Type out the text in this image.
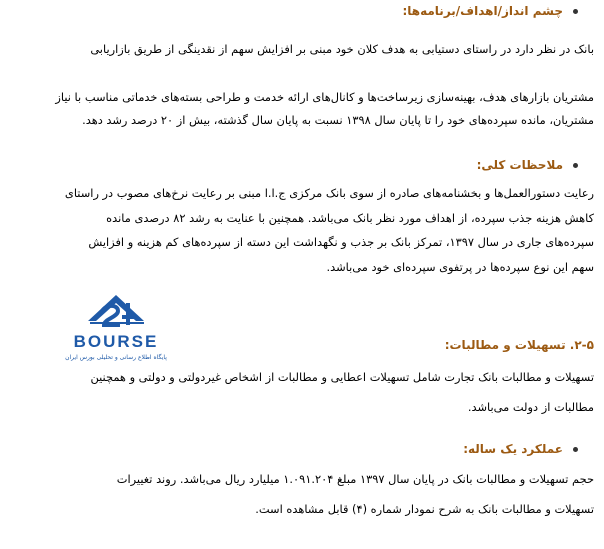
چشم انداز/اهداف/برنامه‌ها:
بانک در نظر دارد در راستای دستیابی به هدف کلان خود مبنی بر افزایش سهم از نقدینگی از طریق بازاریابی
مشتریان بازارهای هدف، بهینه‌سازی زیرساخت‌ها و کانال‌های ارائه خدمت و طراحی بسته‌های خدماتی مناسب با نیاز
مشتریان، مانده سپرده‌های خود را تا پایان سال ۱۳۹۸ نسبت به پایان سال گذشته، بیش از ۲۰ درصد رشد دهد.
ملاحظات کلی:
رعایت دستورالعمل‌ها و بخشنامه‌های صادره از سوی بانک مرکزی ج.ا.ا مبنی بر رعایت نرخ‌های مصوب در راستای
کاهش هزینه جذب سپرده، از اهداف مورد نظر بانک می‌باشد. همچنین با عنایت به رشد ۸۲ درصدی مانده
سپرده‌های جاری در سال ۱۳۹۷، تمرکز بانک بر جذب و نگهداشت این دسته از سپرده‌های کم هزینه و افزایش
سهم این نوع سپرده‌ها در پرتفوی سپرده‌ای خود می‌باشد.
BOURSE
پایگاه اطلاع رسانی و تحلیلی بورس ایران
۲-۵. تسهیلات و مطالبات:
تسهیلات و مطالبات بانک تجارت شامل تسهیلات اعطایی و مطالبات از اشخاص غیردولتی و دولتی و همچنین
مطالبات از دولت می‌باشد.
عملکرد یک ساله:
حجم تسهیلات و مطالبات بانک در پایان سال ۱۳۹۷ مبلغ ۱.۰۹۱.۲۰۴ میلیارد ریال می‌باشد. روند تغییرات
تسهیلات و مطالبات بانک به شرح نمودار شماره (۴) قابل مشاهده است.
